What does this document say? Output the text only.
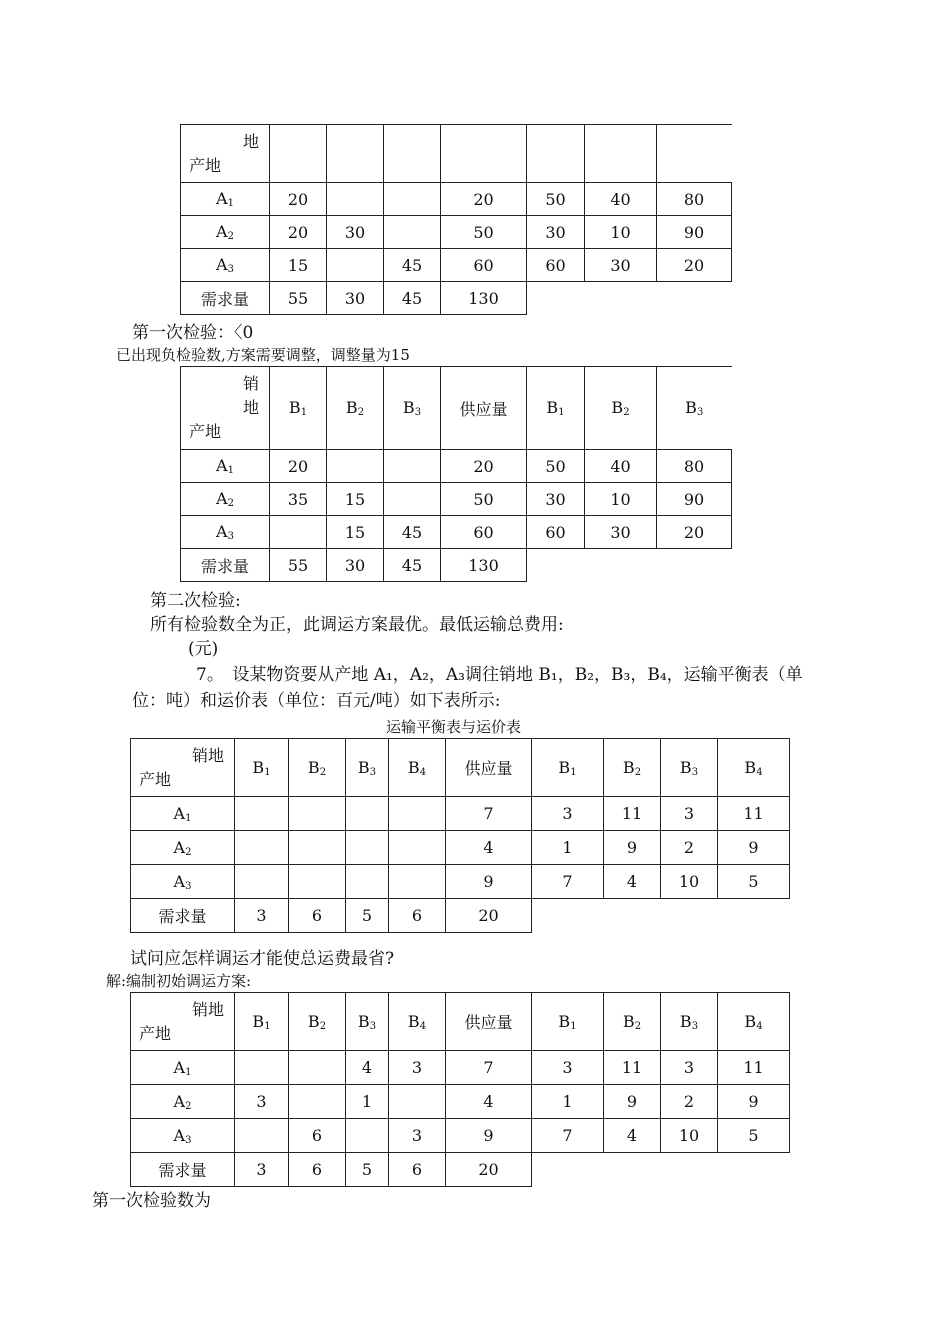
地
产地							
$A_1$	20			20	50	40	80
$A_2$	20	30		50	30	10	90
$A_3$	15		45	60	60	30	20
需求量	55	30	45	130			
第一次检验：〈0
已出现负检验数,方案需要调整，调整量为15
销
地
产地	$B_1$	$B_2$	$B_3$	供应量	$B_1$	$B_2$	$B_3$
$A_1$	20			20	50	40	80
$A_2$	35	15		50	30	10	90
$A_3$		15	45	60	60	30	20
需求量	55	30	45	130			
第二次检验:
所有检验数全为正，此调运方案最优。最低运输总费用:
(元)
7。　设某物资要从产地 A₁，A₂，A₃调往销地 B₁，B₂，B₃，B₄，运输平衡表（单
位：吨）和运价表（单位：百元/吨）如下表所示:
运输平衡表与运价表
销地
产地	$B_1$	$B_2$	$B_3$	$B_4$	供应量	$B_1$	$B_2$	$B_3$	$B_4$
$A_1$					7	3	11	3	11
$A_2$					4	1	9	2	9
$A_3$					9	7	4	10	5
需求量	3	6	5	6	20				
试问应怎样调运才能使总运费最省?
解:编制初始调运方案:
销地
产地	$B_1$	$B_2$	$B_3$	$B_4$	供应量	$B_1$	$B_2$	$B_3$	$B_4$
$A_1$			4	3	7	3	11	3	11
$A_2$	3		1		4	1	9	2	9
$A_3$		6		3	9	7	4	10	5
需求量	3	6	5	6	20				
第一次检验数为
